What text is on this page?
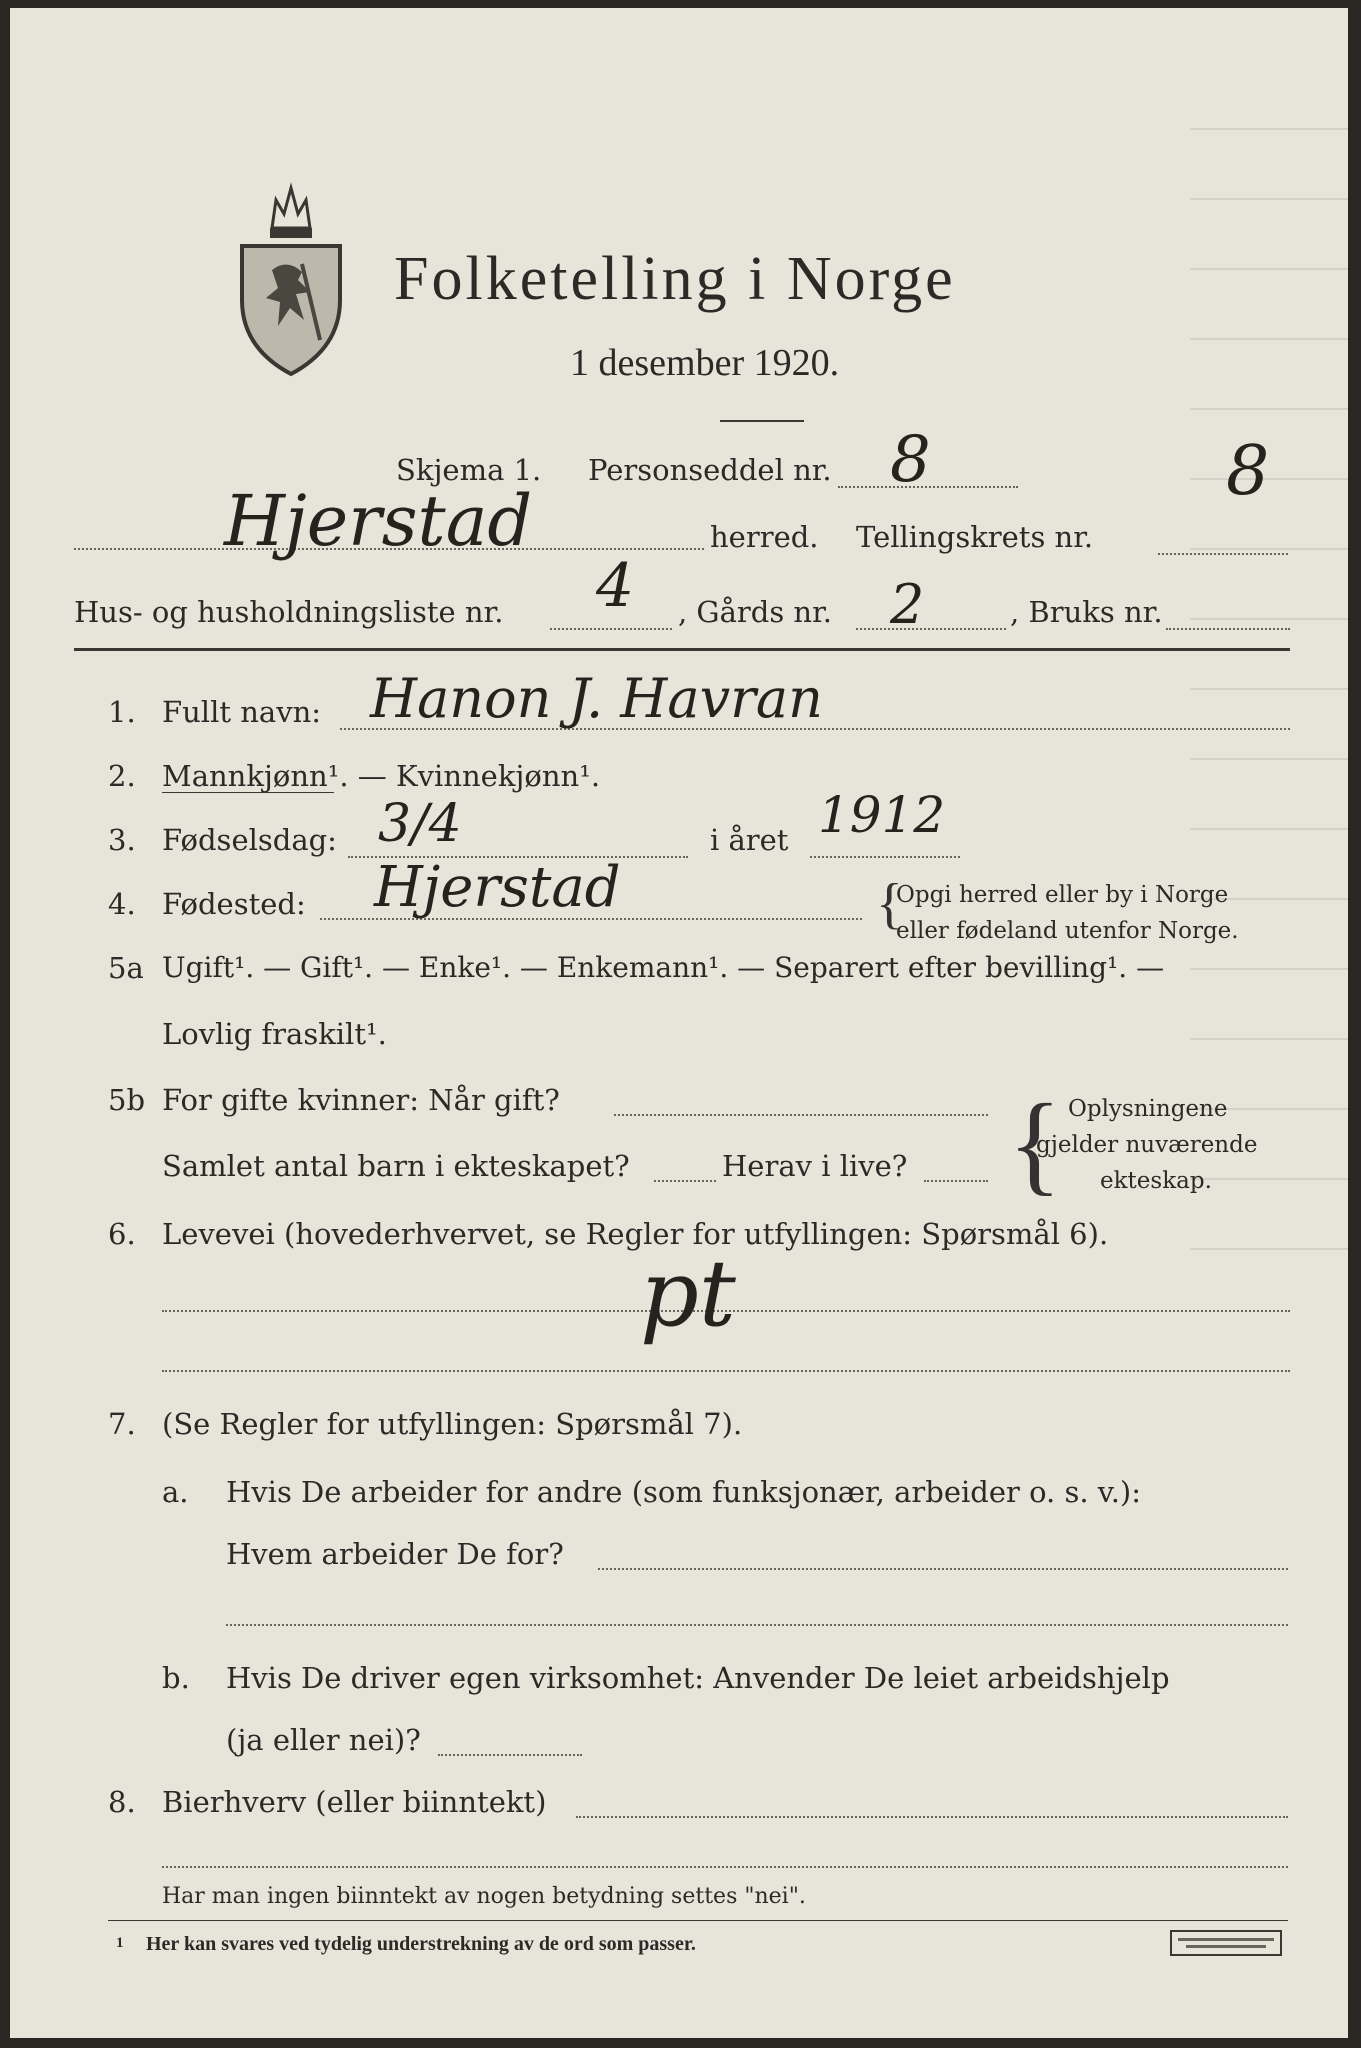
Folketelling i Norge
1 desember 1920.
Skjema 1. Personseddel nr. 8
Hjerstad	herred. Tellingskrets nr.
8
Hus- og husholdningsliste nr. 4 , Gårds nr. 2	, Bruks nr.
1. Fullt navn: Hanon J. Havran
2. Mannkjønn¹. — Kvinnekjønn¹.
3. Fødselsdag: 3/4	i året 1912
4. Fødested: Hjerstad	{
Opgi herred eller by i Norge
eller fødeland utenfor Norge.
5a Ugift¹. — Gift¹. — Enke¹. — Enkemann¹. — Separert efter bevilling¹. —
Lovlig fraskilt¹.
5b For gifte kvinner: Når gift?
Samlet antal barn i ekteskapet?	Herav i live? { Oplysningene
gjelder nuværende
ekteskap.
6. Levevei (hovederhvervet, se Regler for utfyllingen: Spørsmål 6).
pt
7. (Se Regler for utfyllingen: Spørsmål 7).
a. Hvis De arbeider for andre (som funksjonær, arbeider o. s. v.):
Hvem arbeider De for?
b. Hvis De driver egen virksomhet: Anvender De leiet arbeidshjelp
(ja eller nei)?
8. Bierhverv (eller biinntekt)
Har man ingen biinntekt av nogen betydning settes "nei".
1 Her kan svares ved tydelig understrekning av de ord som passer.
